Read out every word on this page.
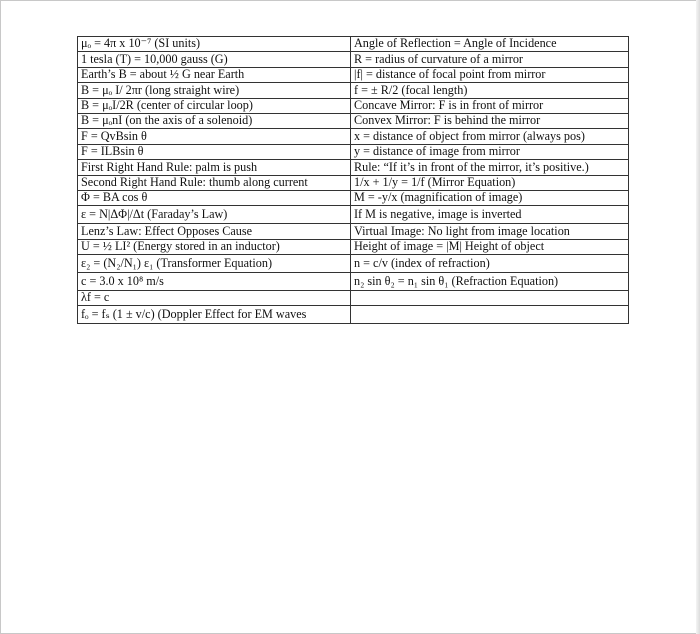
μₒ = 4π x 10⁻⁷ (SI units)	Angle of Reflection = Angle of Incidence
1 tesla (T) = 10,000 gauss (G)	R = radius of curvature of a mirror
Earth’s B = about ½ G near Earth	|f| = distance of focal point from mirror
B = μₒ I/ 2πr (long straight wire)	f = ± R/2 (focal length)
B = μₒI/2R (center of circular loop)	Concave Mirror: F is in front of mirror
B = μₒnI (on the axis of a solenoid)	Convex Mirror: F is behind the mirror
F = QvBsin θ	x = distance of object from mirror (always pos)
F = ILBsin θ	y = distance of image from mirror
First Right Hand Rule: palm is push	Rule: “If it’s in front of the mirror, it’s positive.)
Second Right Hand Rule: thumb along current	1/x + 1/y = 1/f (Mirror Equation)
Φ = BA cos θ	M = -y/x (magnification of image)
ε = N|ΔΦ|/Δt (Faraday’s Law)	If M is negative, image is inverted
Lenz’s Law: Effect Opposes Cause	Virtual Image: No light from image location
U = ½ LI² (Energy stored in an inductor)	Height of image = |M| Height of object
ε₂ = (N₂/N₁) ε₁ (Transformer Equation)	n = c/v (index of refraction)
c = 3.0 x 10⁸ m/s	n₂ sin θ₂ = n₁ sin θ₁ (Refraction Equation)
λf = c	
fₒ = fₛ (1 ± v/c) (Doppler Effect for EM waves	
